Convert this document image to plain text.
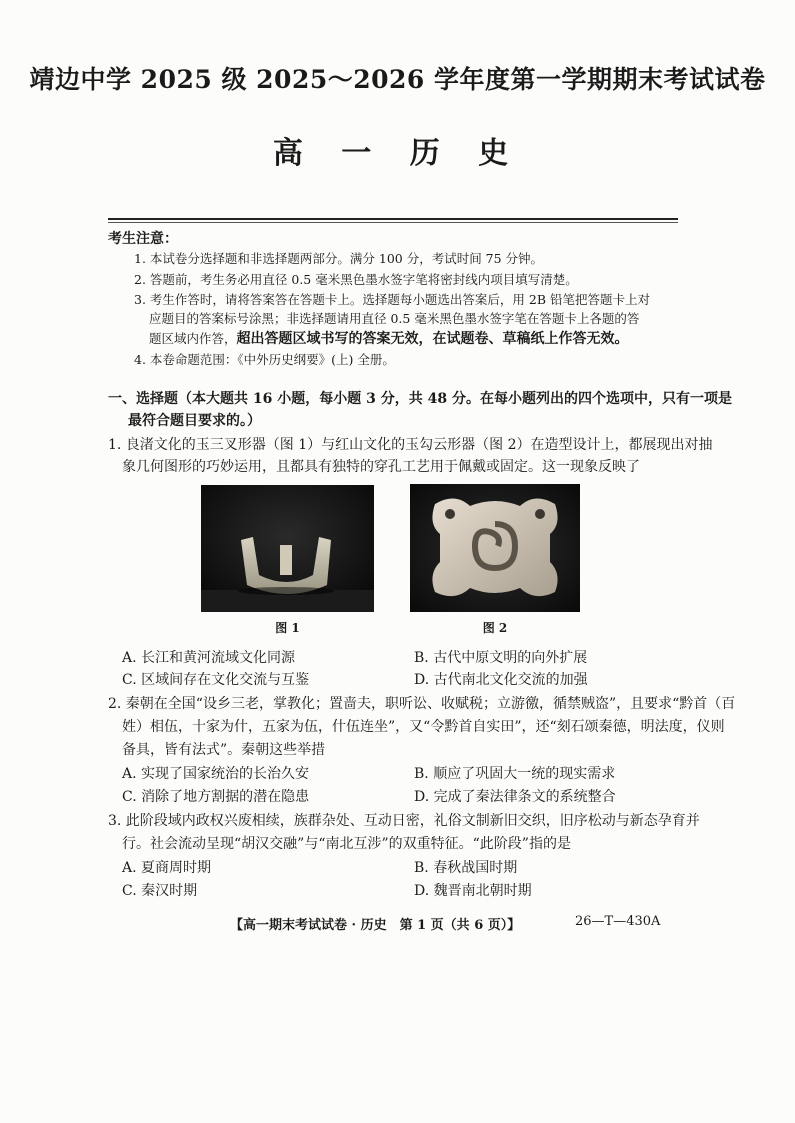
靖边中学 2025 级 2025～2026 学年度第一学期期末考试试卷
高 一 历 史
考生注意：
1. 本试卷分选择题和非选择题两部分。满分 100 分，考试时间 75 分钟。
2. 答题前，考生务必用直径 0.5 毫米黑色墨水签字笔将密封线内项目填写清楚。
3. 考生作答时，请将答案答在答题卡上。选择题每小题选出答案后，用 2B 铅笔把答题卡上对
应题目的答案标号涂黑；非选择题请用直径 0.5 毫米黑色墨水签字笔在答题卡上各题的答
题区域内作答，超出答题区域书写的答案无效，在试题卷、草稿纸上作答无效。
4. 本卷命题范围：《中外历史纲要》(上) 全册。
一、选择题（本大题共 16 小题，每小题 3 分，共 48 分。在每小题列出的四个选项中，只有一项是
最符合题目要求的。）
1. 良渚文化的玉三叉形器（图 1）与红山文化的玉勾云形器（图 2）在造型设计上，都展现出对抽
象几何图形的巧妙运用，且都具有独特的穿孔工艺用于佩戴或固定。这一现象反映了
图 1	图 2
A. 长江和黄河流域文化同源	B. 古代中原文明的向外扩展
C. 区域间存在文化交流与互鉴	D. 古代南北文化交流的加强
2. 秦朝在全国“设乡三老，掌教化；置啬夫，职听讼、收赋税；立游徼，循禁贼盗”，且要求“黔首（百
姓）相伍，十家为什，五家为伍，什伍连坐”，又“令黔首自实田”，还“刻石颂秦德，明法度，仪则
备具，皆有法式”。秦朝这些举措
A. 实现了国家统治的长治久安	B. 顺应了巩固大一统的现实需求
C. 消除了地方割据的潜在隐患	D. 完成了秦法律条文的系统整合
3. 此阶段域内政权兴废相续，族群杂处、互动日密，礼俗文制新旧交织，旧序松动与新态孕育并
行。社会流动呈现“胡汉交融”与“南北互涉”的双重特征。“此阶段”指的是
A. 夏商周时期	B. 春秋战国时期
C. 秦汉时期	D. 魏晋南北朝时期
【高一期末考试试卷 · 历史　第 1 页（共 6 页）】	26—T—430A
